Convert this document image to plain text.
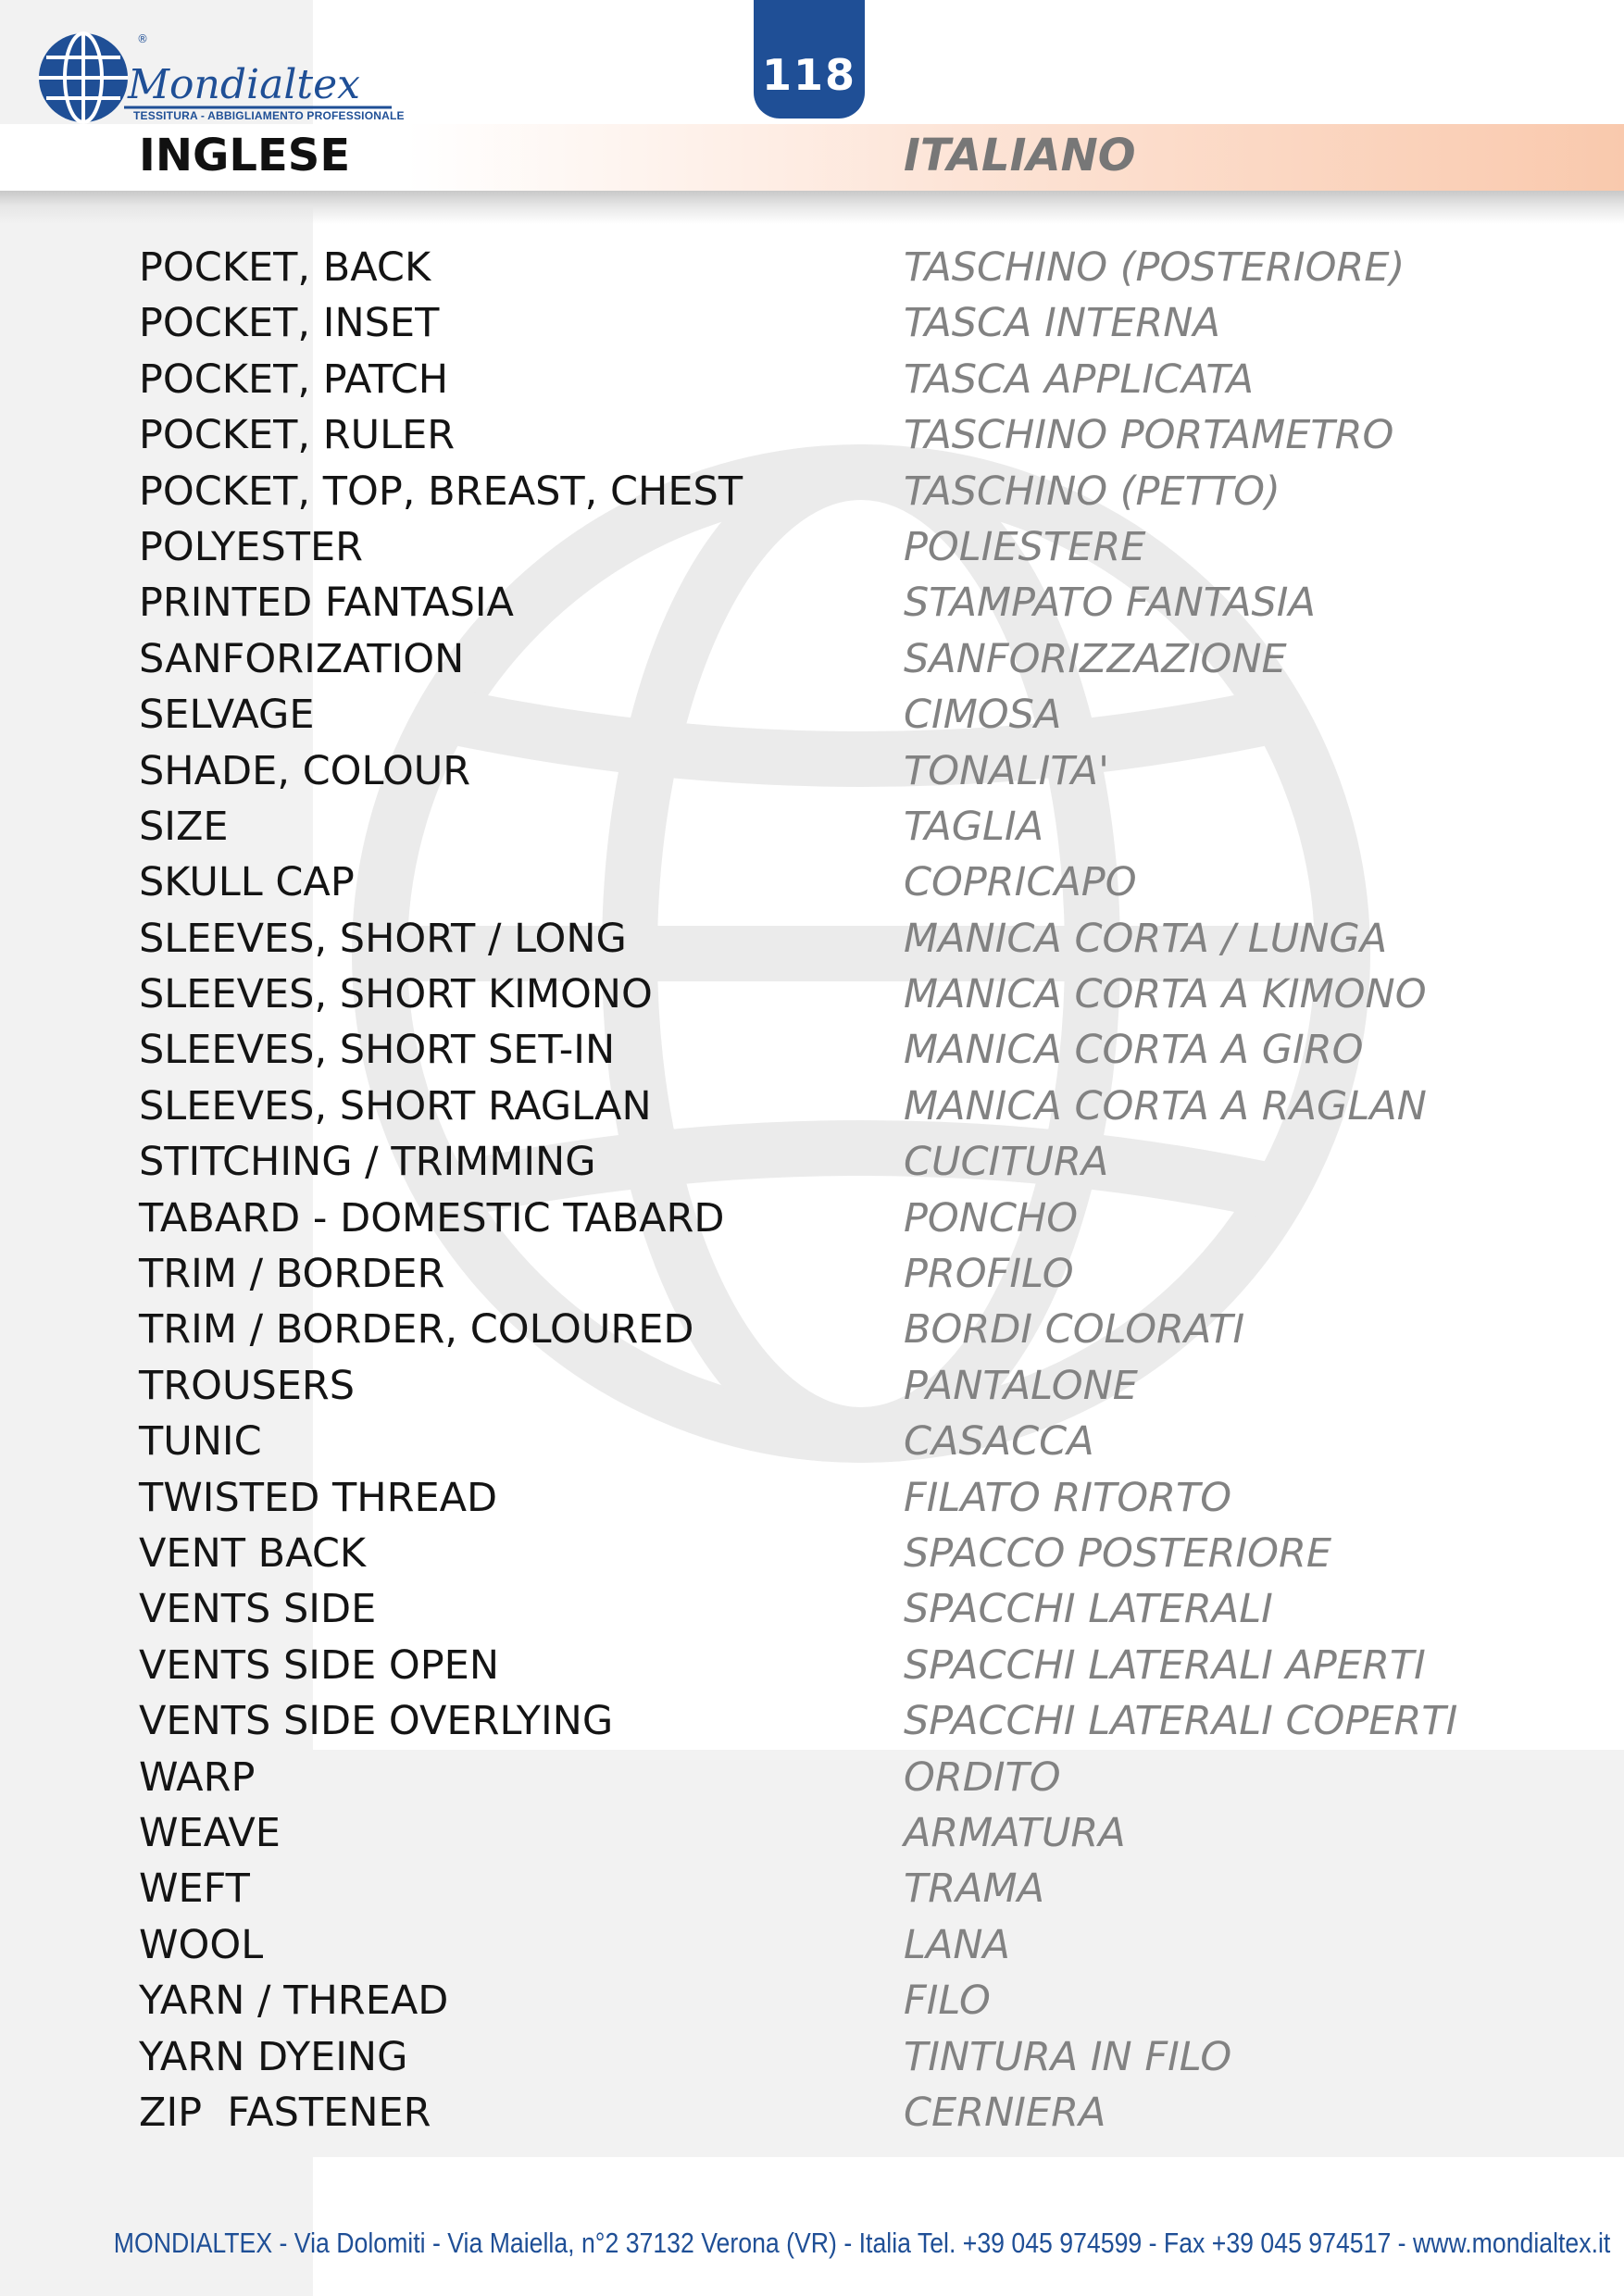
Mondialtex
®
TESSITURA - ABBIGLIAMENTO PROFESSIONALE
118
INGLESE	ITALIANO
POCKET, BACK	TASCHINO (POSTERIORE)
POCKET, INSET	TASCA INTERNA
POCKET, PATCH	TASCA APPLICATA
POCKET, RULER	TASCHINO PORTAMETRO
POCKET, TOP, BREAST, CHEST	TASCHINO (PETTO)
POLYESTER	POLIESTERE
PRINTED FANTASIA	STAMPATO FANTASIA
SANFORIZATION	SANFORIZZAZIONE
SELVAGE	CIMOSA
SHADE, COLOUR	TONALITA'
SIZE	TAGLIA
SKULL CAP	COPRICAPO
SLEEVES, SHORT / LONG	MANICA CORTA / LUNGA
SLEEVES, SHORT KIMONO	MANICA CORTA A KIMONO
SLEEVES, SHORT SET-IN	MANICA CORTA A GIRO
SLEEVES, SHORT RAGLAN	MANICA CORTA A RAGLAN
STITCHING / TRIMMING	CUCITURA
TABARD - DOMESTIC TABARD	PONCHO
TRIM / BORDER	PROFILO
TRIM / BORDER, COLOURED	BORDI COLORATI
TROUSERS	PANTALONE
TUNIC	CASACCA
TWISTED THREAD	FILATO RITORTO
VENT BACK	SPACCO POSTERIORE
VENTS SIDE	SPACCHI LATERALI
VENTS SIDE OPEN	SPACCHI LATERALI APERTI
VENTS SIDE OVERLYING	SPACCHI LATERALI COPERTI
WARP	ORDITO
WEAVE	ARMATURA
WEFT	TRAMA
WOOL	LANA
YARN / THREAD	FILO
YARN DYEING	TINTURA IN FILO
ZIP  FASTENER	CERNIERA
MONDIALTEX - Via Dolomiti - Via Maiella, n°2 37132 Verona (VR) - Italia Tel. +39 045 974599 - Fax +39 045 974517 - www.mondialtex.it
